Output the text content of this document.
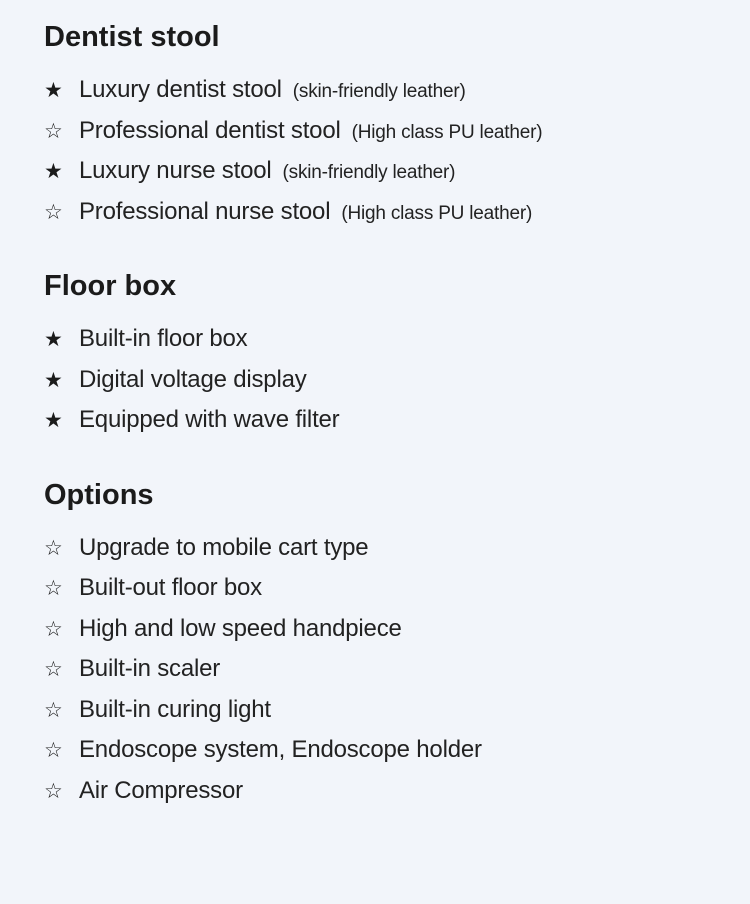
Dentist stool
★ Luxury dentist stool (skin-friendly leather)
☆ Professional dentist stool (High class PU leather)
★ Luxury nurse stool (skin-friendly leather)
☆ Professional nurse stool (High class PU leather)
Floor box
★ Built-in floor box
★ Digital voltage display
★ Equipped with wave filter
Options
☆ Upgrade to mobile cart type
☆ Built-out floor box
☆ High and low speed handpiece
☆ Built-in scaler
☆ Built-in curing light
☆ Endoscope system, Endoscope holder
☆ Air Compressor
